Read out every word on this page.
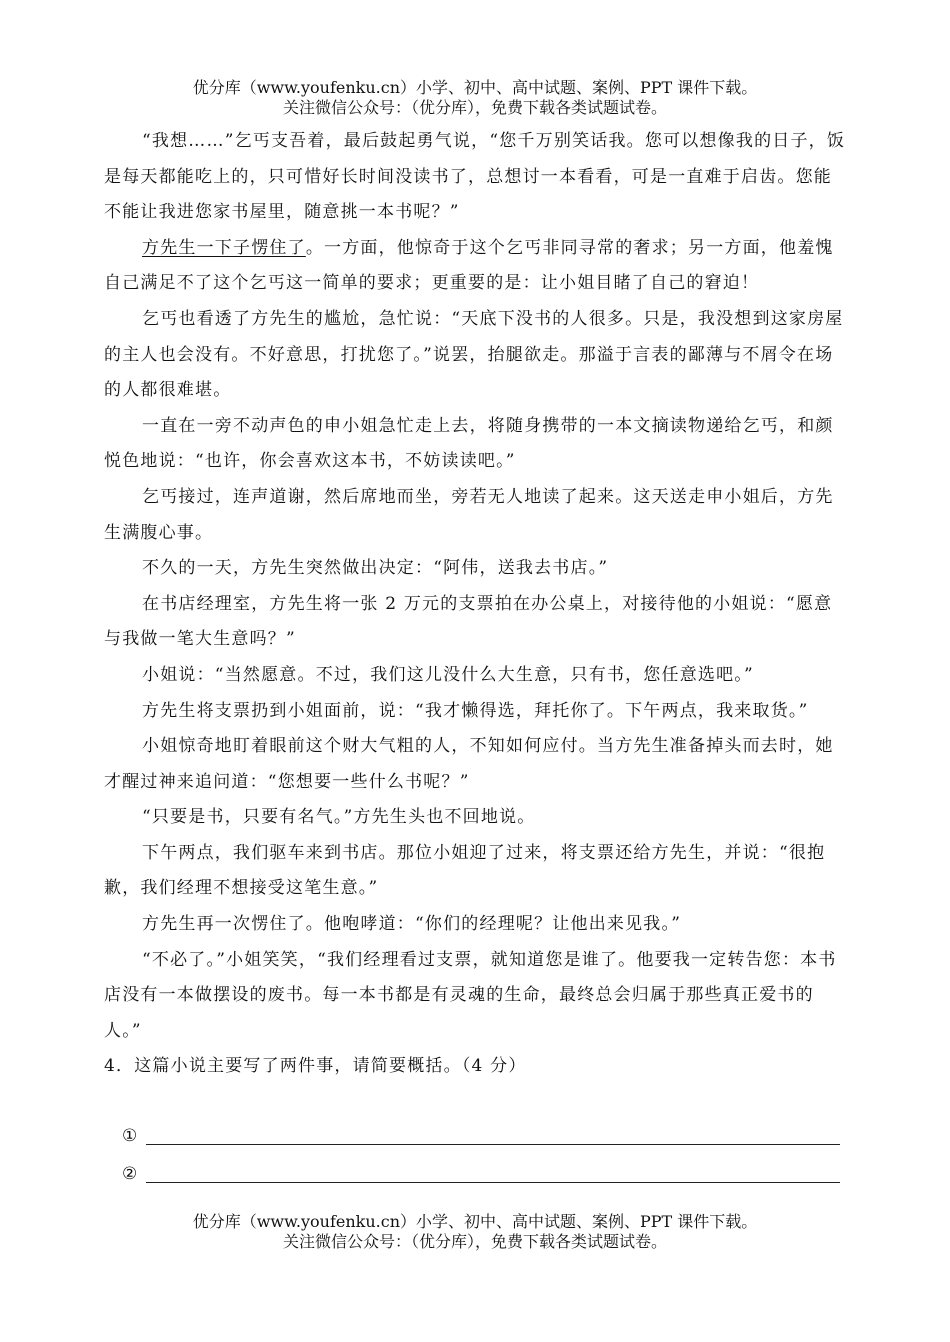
优分库（www.youfenku.cn）小学、初中、高中试题、案例、PPT 课件下载。
关注微信公众号：（优分库），免费下载各类试题试卷。

“我想……”乞丐支吾着，最后鼓起勇气说，“您千万别笑话我。您可以想像我的日子，饭是每天都能吃上的，只可惜好长时间没读书了，总想讨一本看看，可是一直难于启齿。您能不能让我进您家书屋里，随意挑一本书呢？”

方先生一下子愣住了。一方面，他惊奇于这个乞丐非同寻常的奢求；另一方面，他羞愧自己满足不了这个乞丐这一简单的要求；更重要的是：让小姐目睹了自己的窘迫！

乞丐也看透了方先生的尴尬，急忙说：“天底下没书的人很多。只是，我没想到这家房屋的主人也会没有。不好意思，打扰您了。”说罢，抬腿欲走。那溢于言表的鄙薄与不屑令在场的人都很难堪。

一直在一旁不动声色的申小姐急忙走上去，将随身携带的一本文摘读物递给乞丐，和颜悦色地说：“也许，你会喜欢这本书，不妨读读吧。”

乞丐接过，连声道谢，然后席地而坐，旁若无人地读了起来。这天送走申小姐后，方先生满腹心事。

不久的一天，方先生突然做出决定：“阿伟，送我去书店。”

在书店经理室，方先生将一张 2 万元的支票拍在办公桌上，对接待他的小姐说：“愿意与我做一笔大生意吗？”

小姐说：“当然愿意。不过，我们这儿没什么大生意，只有书，您任意选吧。”

方先生将支票扔到小姐面前，说：“我才懒得选，拜托你了。下午两点，我来取货。”

小姐惊奇地盯着眼前这个财大气粗的人，不知如何应付。当方先生准备掉头而去时，她才醒过神来追问道：“您想要一些什么书呢？”

“只要是书，只要有名气。”方先生头也不回地说。

下午两点，我们驱车来到书店。那位小姐迎了过来，将支票还给方先生，并说：“很抱歉，我们经理不想接受这笔生意。”

方先生再一次愣住了。他咆哮道：“你们的经理呢？让他出来见我。”

“不必了。”小姐笑笑，“我们经理看过支票，就知道您是谁了。他要我一定转告您：本书店没有一本做摆设的废书。每一本书都是有灵魂的生命，最终总会归属于那些真正爱书的人。”

4．这篇小说主要写了两件事，请简要概括。（4 分）

①
②
优分库（www.youfenku.cn）小学、初中、高中试题、案例、PPT 课件下载。
关注微信公众号：（优分库），免费下载各类试题试卷。
